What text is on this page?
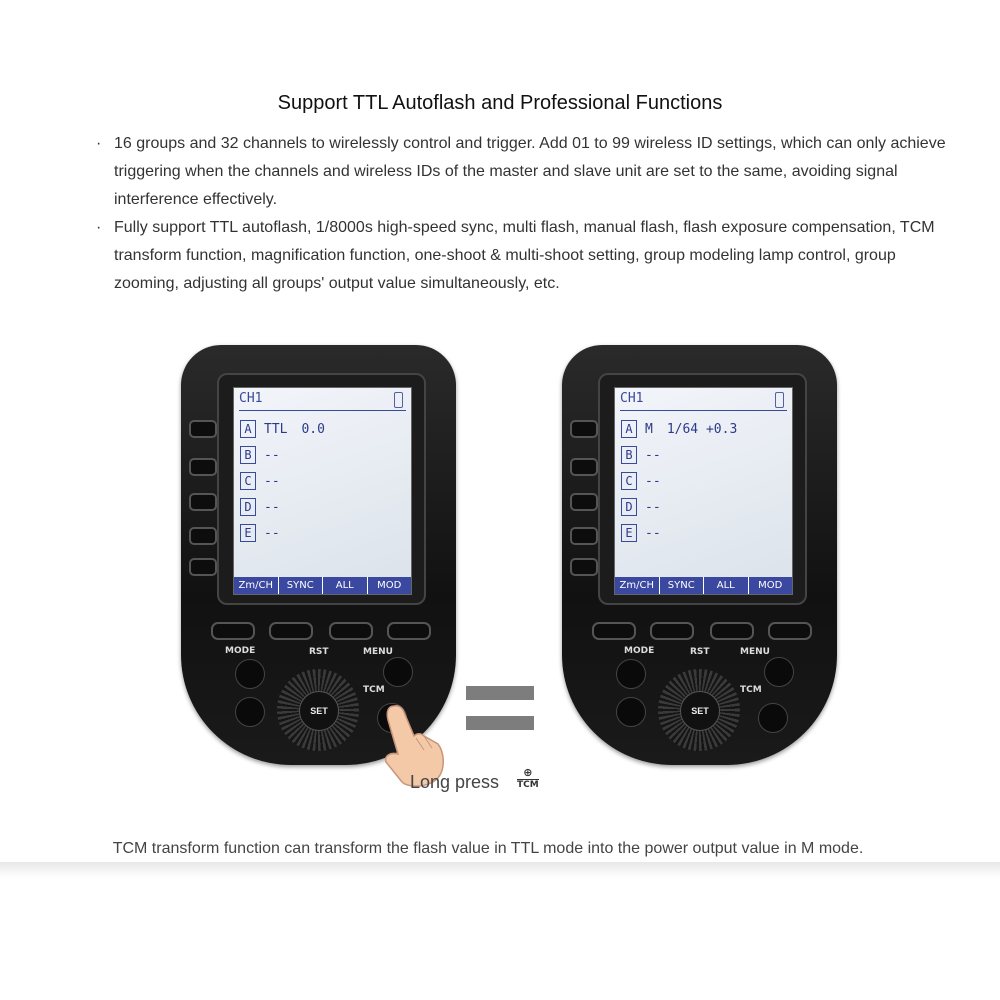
Support TTL Autoflash and Professional Functions
· 16 groups and 32 channels to wirelessly control and trigger. Add 01 to 99 wireless ID settings, which can only achieve triggering when the channels and wireless IDs of the master and slave unit are set to the same, avoiding signal interference effectively.
· Fully support TTL autoflash, 1/8000s high-speed sync, multi flash, manual flash, flash exposure compensation, TCM transform function, magnification function, one-shoot & multi-shoot setting, group modeling lamp control, group zooming, adjusting all groups' output value simultaneously, etc.
CH1
A TTL 0.0
B --
C --
D --
E --
Zm/CH	SYNC	ALL	MOD
MODE	RST	MENU
TCM
SET
CH1
A M 1/64 +0.3
B --
C --
D --
E --
Zm/CH	SYNC	ALL	MOD
MODE	RST	MENU
TCM
SET
Long press	⊕
TCM
TCM transform function can transform the flash value in TTL mode into the power output value in M mode.
